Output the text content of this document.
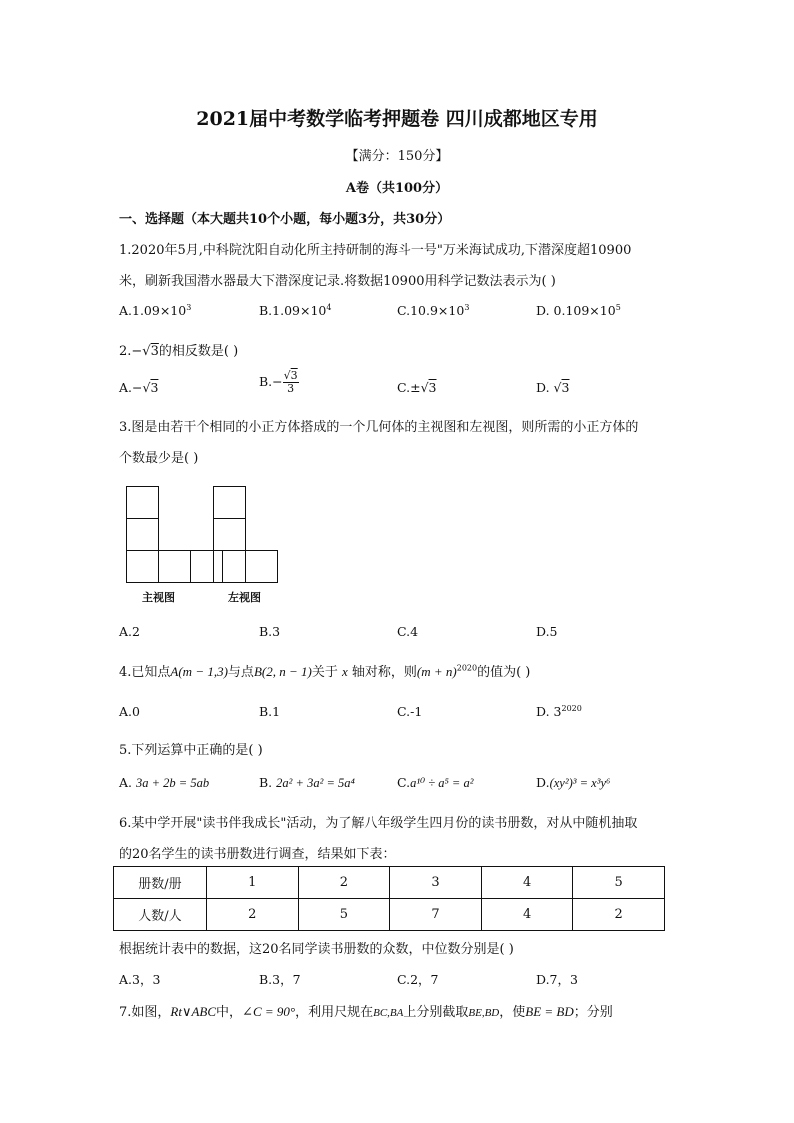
2021届中考数学临考押题卷 四川成都地区专用
【满分：150分】
A卷（共100分）
一、选择题（本大题共10个小题，每小题3分，共30分）
1.2020年5月,中科院沈阳自动化所主持研制的海斗一号"万米海试成功,下潜深度超10900
米，刷新我国潜水器最大下潜深度记录.将数据10900用科学记数法表示为( )
$A.1.09\times 10^3$	$B.1.09\times 10^4$	$C.10.9\times 10^3$	D. $0.109\times 10^5$
2.−√3的相反数是( )
A.−√3	$B.- \frac{√3}{3}$	C.±√3	D. √3
3.图是由若干个相同的小正方体搭成的一个几何体的主视图和左视图，则所需的小正方体的
个数最少是( )
主视图	左视图
A.2	B.3	C.4	D.5
4.已知点A(m − 1,3)与点B(2, n − 1)关于 x 轴对称，则$(m + n)^{2020}$的值为( )
A.0	B.1	C.-1	D. $3^{2020}$
5.下列运算中正确的是( )
A. 3a + 2b = 5ab	B. 2a² + 3a² = 5a⁴	C.a¹⁰ ÷ a⁵ = a²	D.(xy²)³ = x³y⁶
6.某中学开展"读书伴我成长"活动，为了解八年级学生四月份的读书册数，对从中随机抽取
的20名学生的读书册数进行调查，结果如下表：
册数/册	1	2	3	4	5
人数/人	2	5	7	4	2
根据统计表中的数据，这20名同学读书册数的众数，中位数分别是( )
A.3，3	B.3，7	C.2，7	D.7，3
7.如图，Rt∨ABC中，∠C = 90°，利用尺规在BC,BA上分别截取BE,BD，使BE = BD；分别
